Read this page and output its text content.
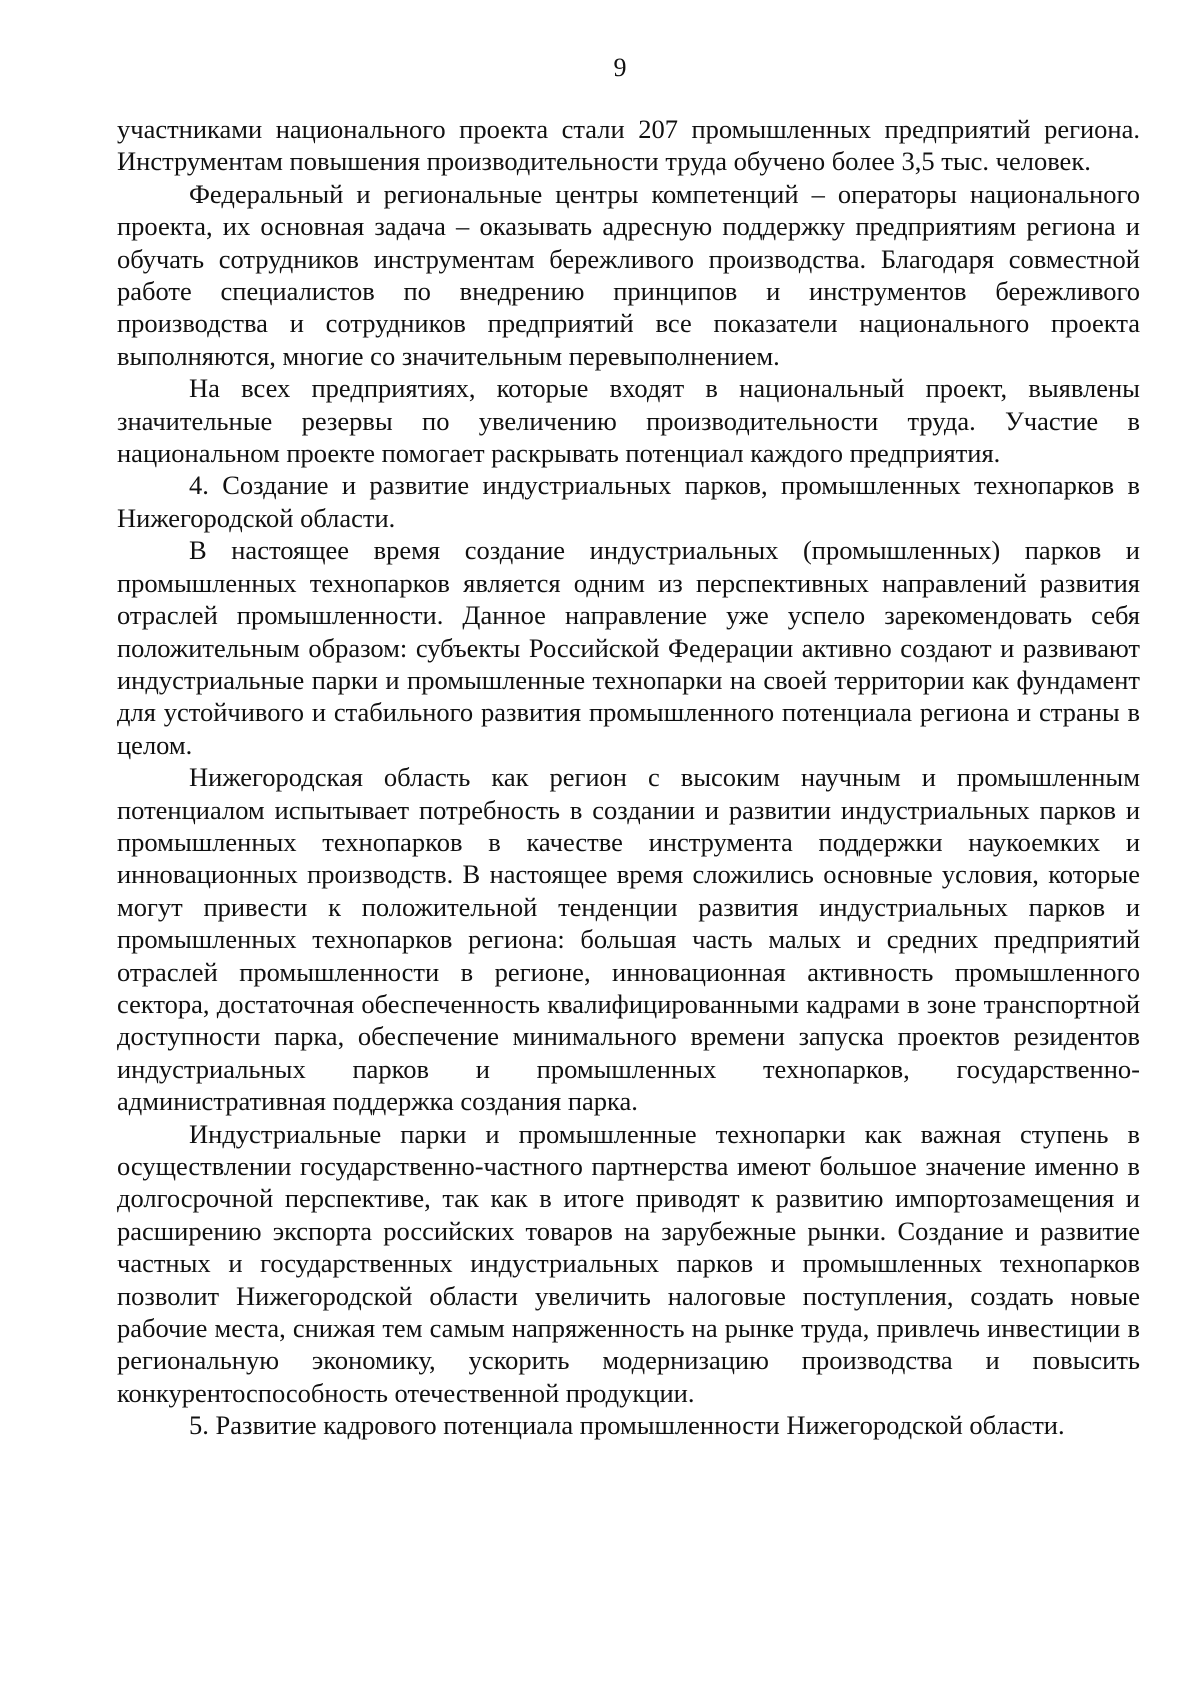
9

участниками национального проекта стали 207 промышленных предприятий региона. Инструментам повышения производительности труда обучено более 3,5 тыс. человек.

Федеральный и региональные центры компетенций – операторы национального проекта, их основная задача – оказывать адресную поддержку предприятиям региона и обучать сотрудников инструментам бережливого производства. Благодаря совместной работе специалистов по внедрению принципов и инструментов бережливого производства и сотрудников предприятий все показатели национального проекта выполняются, многие со значительным перевыполнением.

На всех предприятиях, которые входят в национальный проект, выявлены значительные резервы по увеличению производительности труда. Участие в национальном проекте помогает раскрывать потенциал каждого предприятия.

4. Создание и развитие индустриальных парков, промышленных технопарков в Нижегородской области.

В настоящее время создание индустриальных (промышленных) парков и промышленных технопарков является одним из перспективных направлений развития отраслей промышленности. Данное направление уже успело зарекомендовать себя положительным образом: субъекты Российской Федерации активно создают и развивают индустриальные парки и промышленные технопарки на своей территории как фундамент для устойчивого и стабильного развития промышленного потенциала региона и страны в целом.

Нижегородская область как регион с высоким научным и промышленным потенциалом испытывает потребность в создании и развитии индустриальных парков и промышленных технопарков в качестве инструмента поддержки наукоемких и инновационных производств. В настоящее время сложились основные условия, которые могут привести к положительной тенденции развития индустриальных парков и промышленных технопарков региона: большая часть малых и средних предприятий отраслей промышленности в регионе, инновационная активность промышленного сектора, достаточная обеспеченность квалифицированными кадрами в зоне транспортной доступности парка, обеспечение минимального времени запуска проектов резидентов индустриальных парков и промышленных технопарков, государственно-административная поддержка создания парка.

Индустриальные парки и промышленные технопарки как важная ступень в осуществлении государственно-частного партнерства имеют большое значение именно в долгосрочной перспективе, так как в итоге приводят к развитию импортозамещения и расширению экспорта российских товаров на зарубежные рынки. Создание и развитие частных и государственных индустриальных парков и промышленных технопарков позволит Нижегородской области увеличить налоговые поступления, создать новые рабочие места, снижая тем самым напряженность на рынке труда, привлечь инвестиции в региональную экономику, ускорить модернизацию производства и повысить конкурентоспособность отечественной продукции.

5. Развитие кадрового потенциала промышленности Нижегородской области.
